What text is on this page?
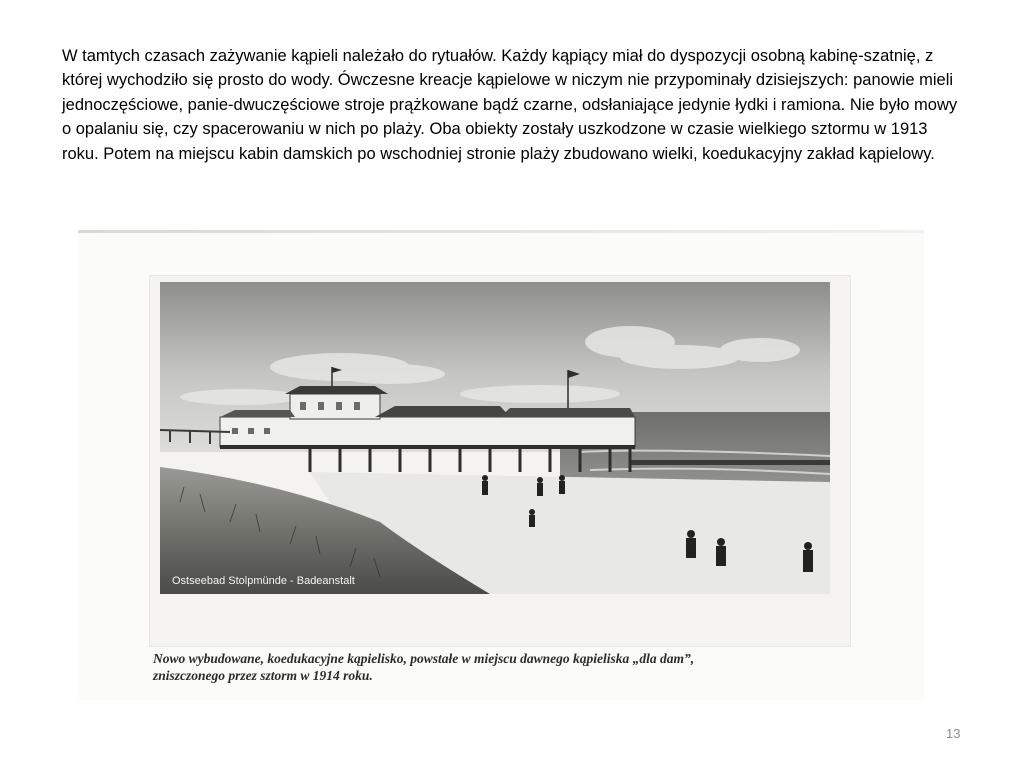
W tamtych czasach zażywanie kąpieli należało do rytuałów. Każdy kąpiący miał do dyspozycji osobną kabinę-szatnię, z której wychodziło się prosto do wody. Ówczesne kreacje kąpielowe w niczym nie przypominały dzisiejszych: panowie mieli jednoczęściowe, panie-dwuczęściowe stroje prążkowane bądź czarne, odsłaniające jedynie łydki i ramiona. Nie było mowy o opalaniu się, czy spacerowaniu w nich po plaży. Oba obiekty zostały uszkodzone w czasie wielkiego sztormu w 1913 roku. Potem na miejscu kabin damskich po wschodniej stronie plaży zbudowano wielki, koedukacyjny zakład kąpielowy.

Ostseebad Stolpmünde - Badeanstalt
Nowo wybudowane, koedukacyjne kąpielisko, powstałe w miejscu dawnego kąpieliska „dla dam”,
zniszczonego przez sztorm w 1914 roku.
13
